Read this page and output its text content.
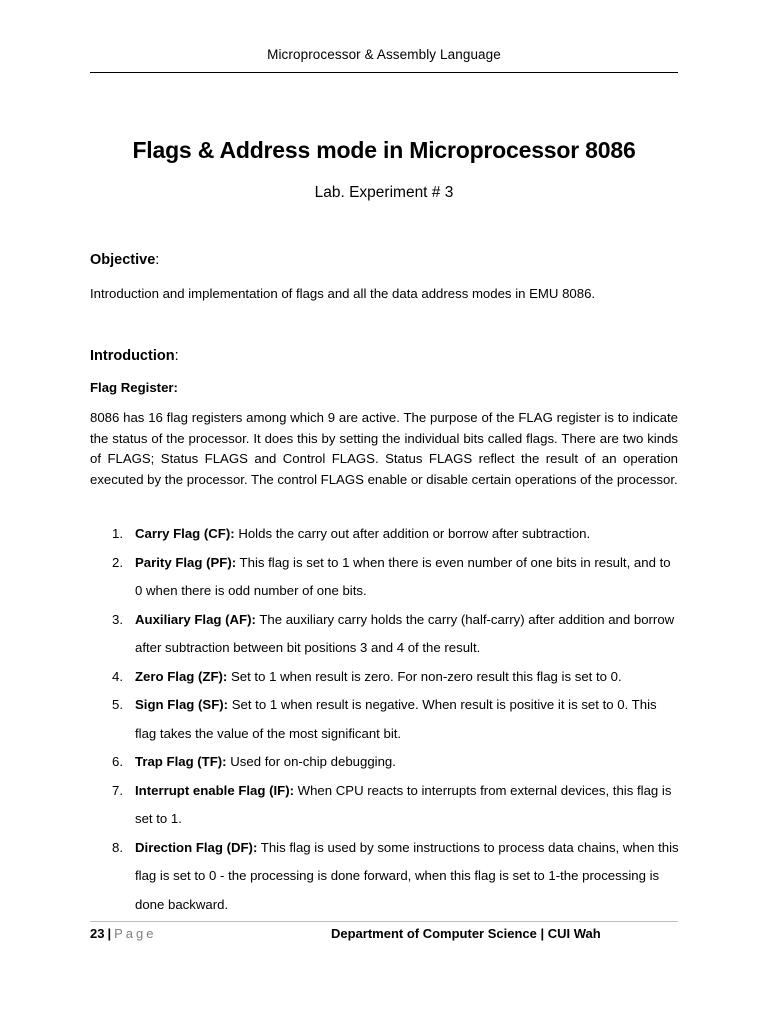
Microprocessor & Assembly Language
Flags & Address mode in Microprocessor 8086
Lab. Experiment # 3
Objective:
Introduction and implementation of flags and all the data address modes in EMU 8086.
Introduction:
Flag Register:
8086 has 16 flag registers among which 9 are active. The purpose of the FLAG register is to indicate the status of the processor. It does this by setting the individual bits called flags. There are two kinds of FLAGS; Status FLAGS and Control FLAGS. Status FLAGS reflect the result of an operation executed by the processor. The control FLAGS enable or disable certain operations of the processor.
1. Carry Flag (CF): Holds the carry out after addition or borrow after subtraction.
2. Parity Flag (PF): This flag is set to 1 when there is even number of one bits in result, and to 0 when there is odd number of one bits.
3. Auxiliary Flag (AF): The auxiliary carry holds the carry (half-carry) after addition and borrow after subtraction between bit positions 3 and 4 of the result.
4. Zero Flag (ZF): Set to 1 when result is zero. For non-zero result this flag is set to 0.
5. Sign Flag (SF): Set to 1 when result is negative. When result is positive it is set to 0. This flag takes the value of the most significant bit.
6. Trap Flag (TF): Used for on-chip debugging.
7. Interrupt enable Flag (IF): When CPU reacts to interrupts from external devices, this flag is set to 1.
8. Direction Flag (DF): This flag is used by some instructions to process data chains, when this flag is set to 0 - the processing is done forward, when this flag is set to 1-the processing is done backward.
23 | Page	Department of Computer Science | CUI Wah
